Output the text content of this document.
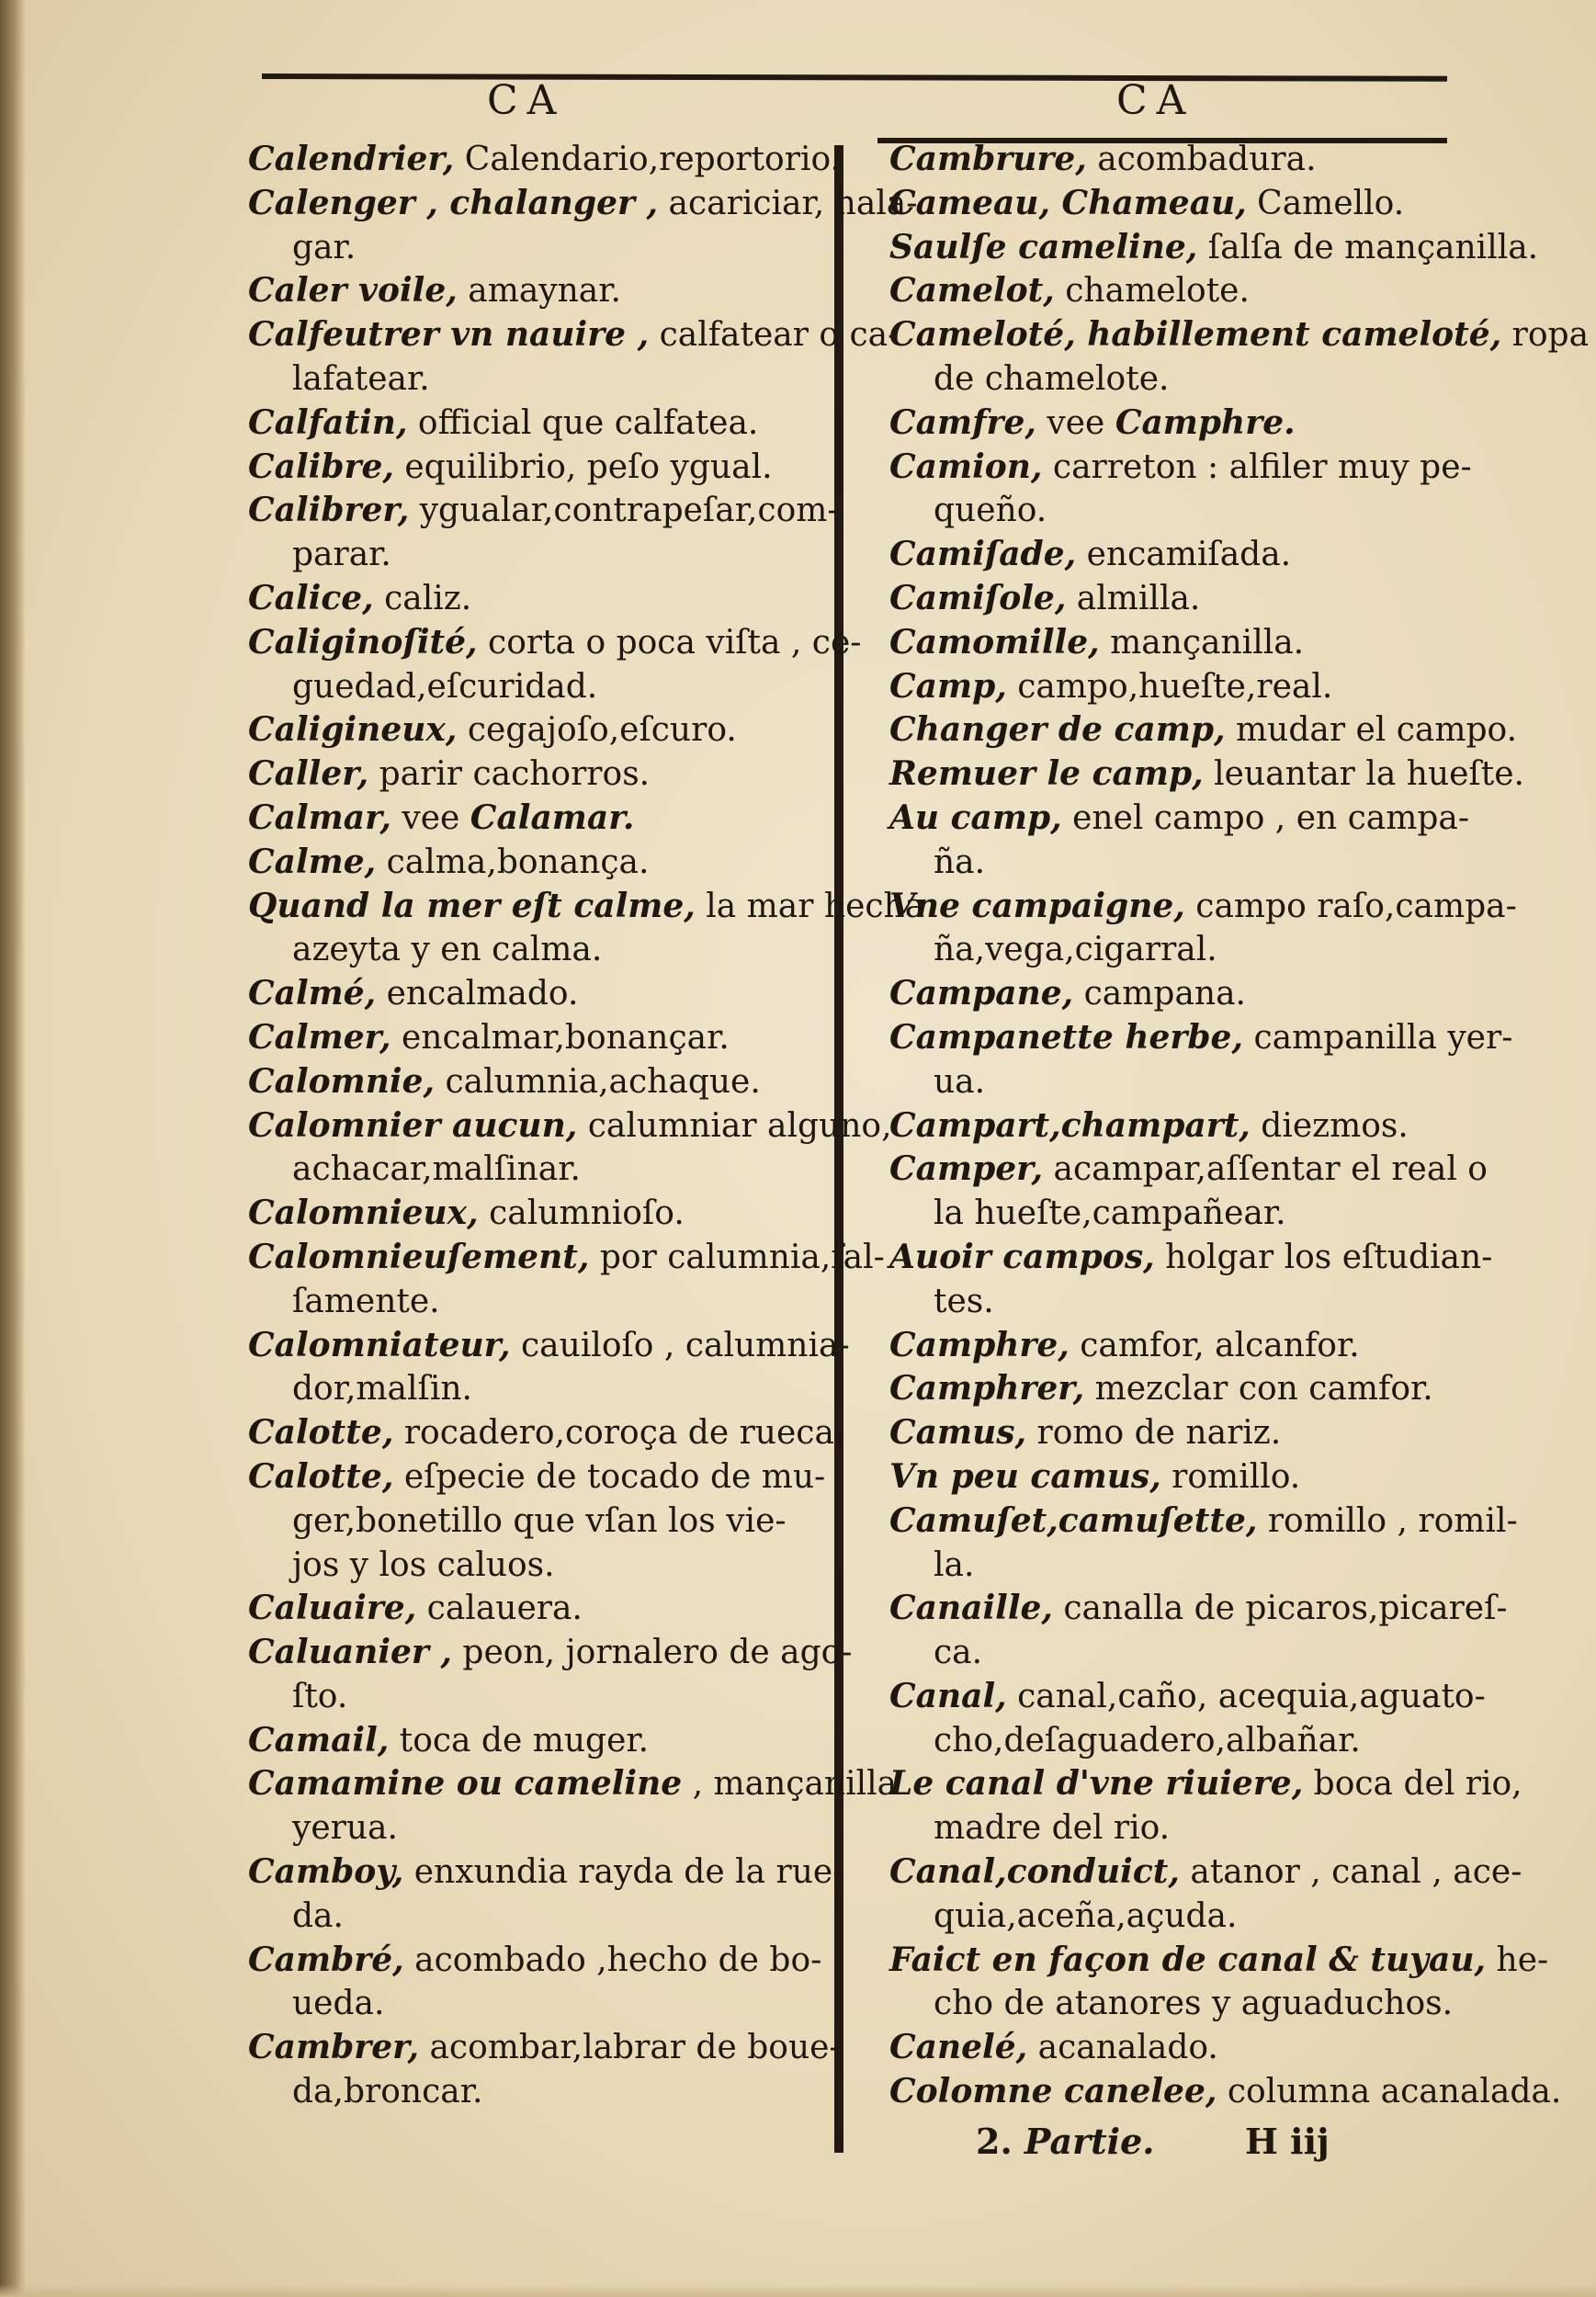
CA	CA
Calendrier, Calendario,reportorio.
Calenger , chalanger , acariciar, hala-
gar.
Caler voile, amaynar.
Calfeutrer vn nauire , calfatear o ca-
lafatear.
Calfatin, official que calfatea.
Calibre, equilibrio, peſo ygual.
Calibrer, ygualar,contrapeſar,com-
parar.
Calice, caliz.
Caliginoſité, corta o poca viſta , ce-
guedad,eſcuridad.
Caligineux, cegajoſo,eſcuro.
Caller, parir cachorros.
Calmar, vee Calamar.
Calme, calma,bonança.
Quand la mer eſt calme, la mar hecha
azeyta y en calma.
Calmé, encalmado.
Calmer, encalmar,bonançar.
Calomnie, calumnia,achaque.
Calomnier aucun, calumniar alguno,
achacar,malſinar.
Calomnieux, calumnioſo.
Calomnieuſement, por calumnia,fal-
ſamente.
Calomniateur, cauiloſo , calumnia-
dor,malſin.
Calotte, rocadero,coroça de rueca.
Calotte, eſpecie de tocado de mu-
ger,bonetillo que vſan los vie-
jos y los caluos.
Caluaire, calauera.
Caluanier , peon, jornalero de ago-
ſto.
Camail, toca de muger.
Camamine ou cameline , mançanilla
yerua.
Camboy, enxundia rayda de la rue-
da.
Cambré, acombado ,hecho de bo-
ueda.
Cambrer, acombar,labrar de boue-
da,broncar.
Cambrure, acombadura.
Cameau, Chameau, Camello.
Saulſe cameline, ſalſa de mançanilla.
Camelot, chamelote.
Cameloté, habillement cameloté, ropa
de chamelote.
Camfre, vee Camphre.
Camion, carreton : alfiler muy pe-
queño.
Camiſade, encamiſada.
Camiſole, almilla.
Camomille, mançanilla.
Camp, campo,hueſte,real.
Changer de camp, mudar el campo.
Remuer le camp, leuantar la hueſte.
Au camp, enel campo , en campa-
ña.
Vne campaigne, campo raſo,campa-
ña,vega,cigarral.
Campane, campana.
Campanette herbe, campanilla yer-
ua.
Campart,champart, diezmos.
Camper, acampar,aſſentar el real o
la hueſte,campañear.
Auoir campos, holgar los eſtudian-
tes.
Camphre, camfor, alcanfor.
Camphrer, mezclar con camfor.
Camus, romo de nariz.
Vn peu camus, romillo.
Camuſet,camuſette, romillo , romil-
la.
Canaille, canalla de picaros,picareſ-
ca.
Canal, canal,caño, acequia,aguato-
cho,deſaguadero,albañar.
Le canal d'vne riuiere, boca del rio,
madre del rio.
Canal,conduict, atanor , canal , ace-
quia,aceña,açuda.
Faict en façon de canal & tuyau, he-
cho de atanores y aguaduchos.
Canelé, acanalado.
Colomne canelee, columna acanalada.
2. Partie.	H iij
